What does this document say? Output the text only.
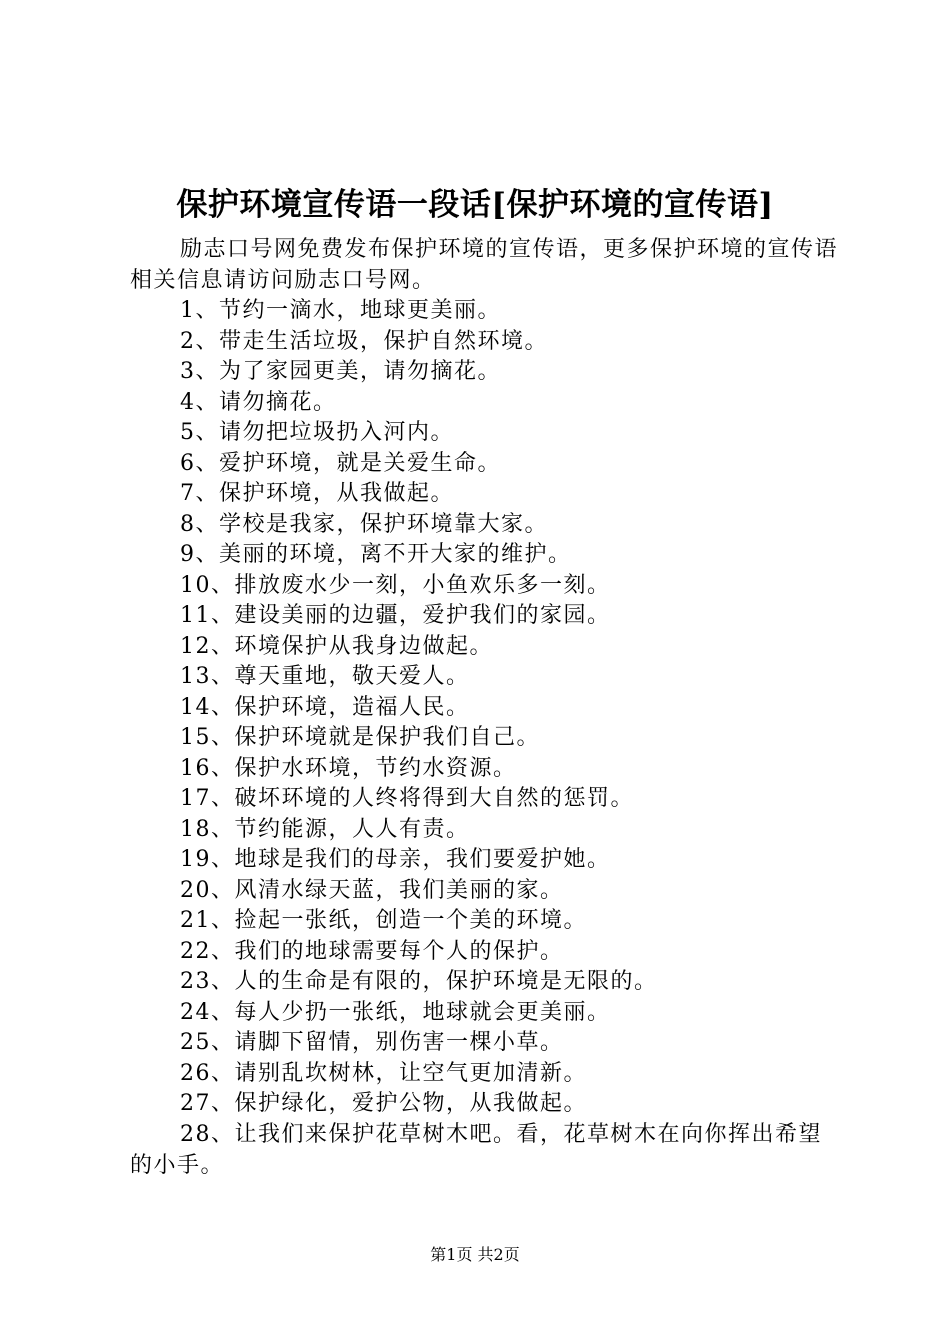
保护环境宣传语一段话[保护环境的宣传语]
励志口号网免费发布保护环境的宣传语，更多保护环境的宣传语相关信息请访问励志口号网。
1、节约一滴水，地球更美丽。
2、带走生活垃圾，保护自然环境。
3、为了家园更美，请勿摘花。
4、请勿摘花。
5、请勿把垃圾扔入河内。
6、爱护环境，就是关爱生命。
7、保护环境，从我做起。
8、学校是我家，保护环境靠大家。
9、美丽的环境，离不开大家的维护。
10、排放废水少一刻，小鱼欢乐多一刻。
11、建设美丽的边疆，爱护我们的家园。
12、环境保护从我身边做起。
13、尊天重地，敬天爱人。
14、保护环境，造福人民。
15、保护环境就是保护我们自己。
16、保护水环境，节约水资源。
17、破坏环境的人终将得到大自然的惩罚。
18、节约能源，人人有责。
19、地球是我们的母亲，我们要爱护她。
20、风清水绿天蓝，我们美丽的家。
21、捡起一张纸，创造一个美的环境。
22、我们的地球需要每个人的保护。
23、人的生命是有限的，保护环境是无限的。
24、每人少扔一张纸，地球就会更美丽。
25、请脚下留情，别伤害一棵小草。
26、请别乱坎树林，让空气更加清新。
27、保护绿化，爱护公物，从我做起。
28、让我们来保护花草树木吧。看，花草树木在向你挥出希望的小手。
第1页 共2页
